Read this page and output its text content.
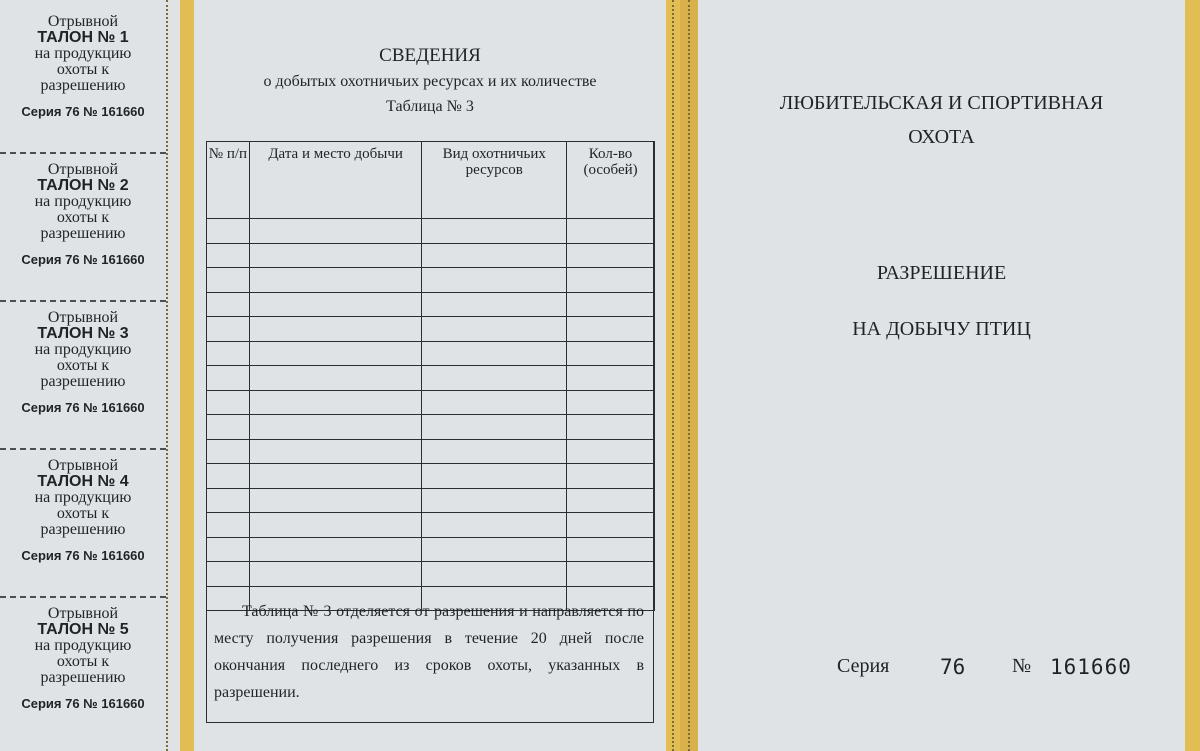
Отрывной
ТАЛОН № 1
на продукцию
охоты к
разрешению
Серия 76 № 161660
Отрывной
ТАЛОН № 2
на продукцию
охоты к
разрешению
Серия 76 № 161660
Отрывной
ТАЛОН № 3
на продукцию
охоты к
разрешению
Серия 76 № 161660
Отрывной
ТАЛОН № 4
на продукцию
охоты к
разрешению
Серия 76 № 161660
Отрывной
ТАЛОН № 5
на продукцию
охоты к
разрешению
Серия 76 № 161660
СВЕДЕНИЯ
о добытых охотничьих ресурсах и их количестве
Таблица № 3
№ п/п	Дата и место добычи	Вид охотничьих ресурсов	Кол-во (особей)

Таблица № 3 отделяется от разрешения и направляется по месту получения разрешения в течение 20 дней после окончания последнего из сроков охоты, указанных в разрешении.
ЛЮБИТЕЛЬСКАЯ И СПОРТИВНАЯ
ОХОТА
РАЗРЕШЕНИЕ
НА ДОБЫЧУ ПТИЦ
Серия 76 № 161660
